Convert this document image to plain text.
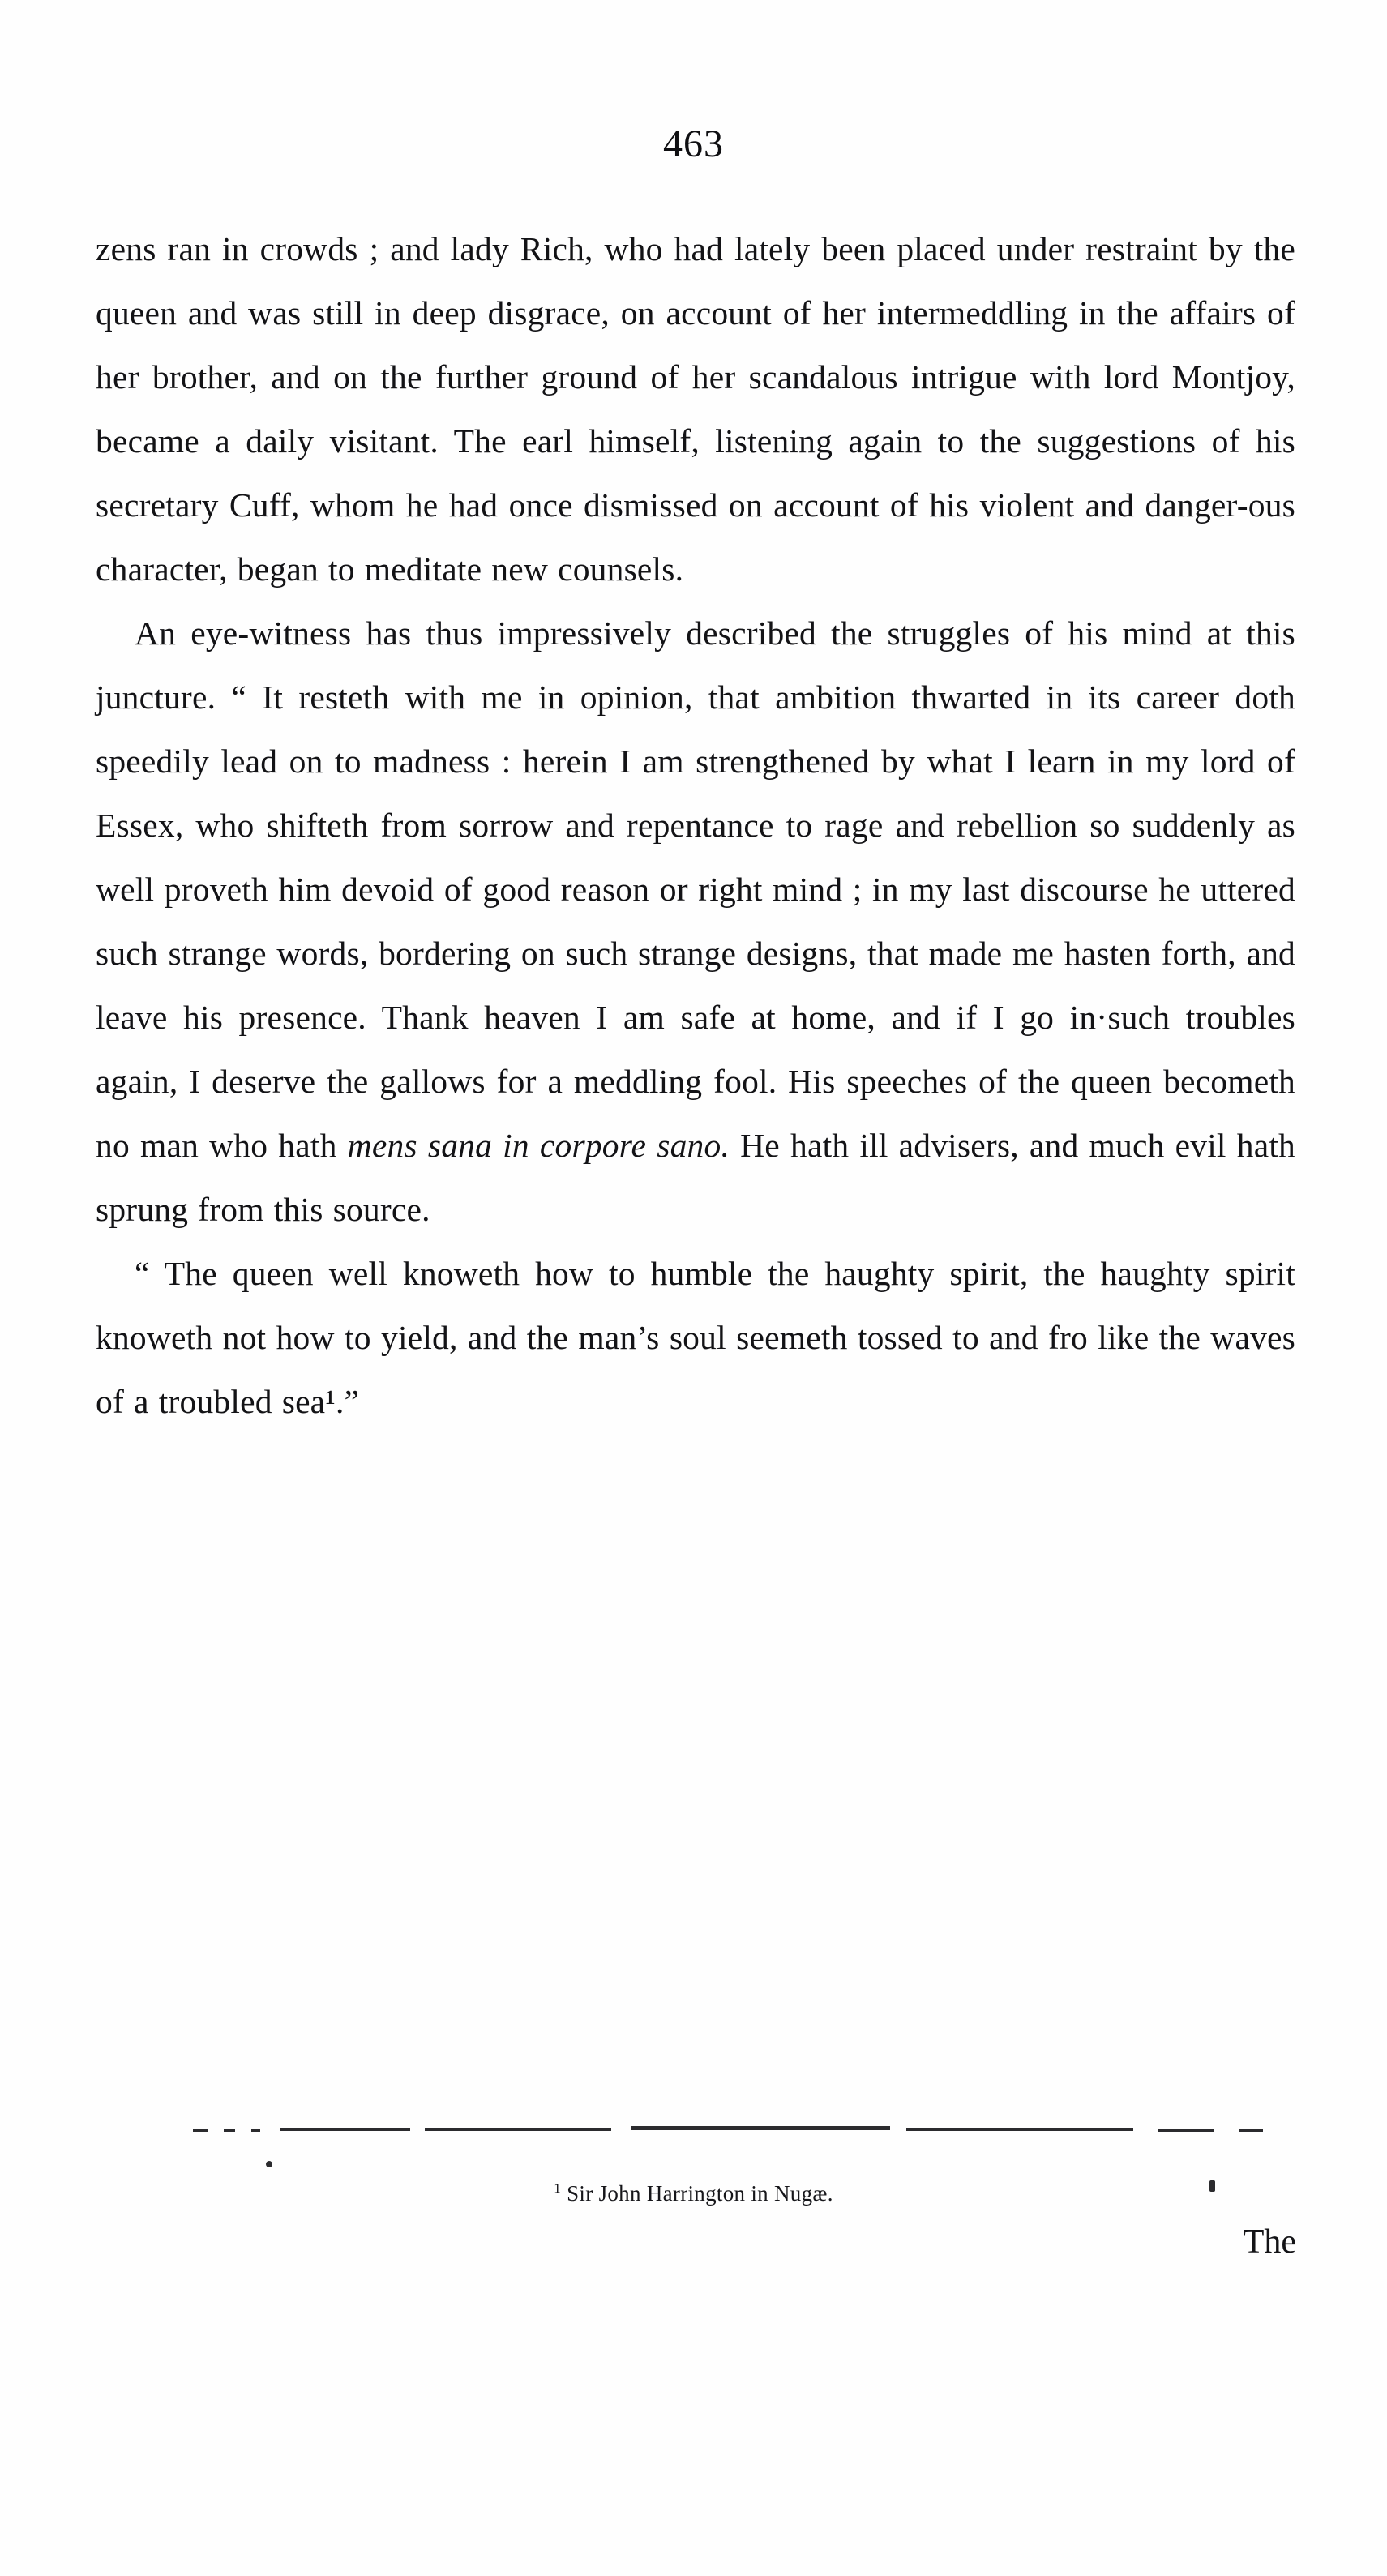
463

zens ran in crowds ; and lady Rich, who had lately been placed under restraint by the queen and was still in deep disgrace, on account of her intermeddling in the affairs of her brother, and on the further ground of her scandalous intrigue with lord Montjoy, became a daily visitant. The earl himself, listening again to the suggestions of his secretary Cuff, whom he had once dismissed on account of his violent and danger-ous character, began to meditate new counsels.

An eye-witness has thus impressively described the struggles of his mind at this juncture. “ It resteth with me in opinion, that ambition thwarted in its career doth speedily lead on to madness : herein I am strengthened by what I learn in my lord of Essex, who shifteth from sorrow and repentance to rage and rebellion so suddenly as well proveth him devoid of good reason or right mind ; in my last discourse he uttered such strange words, bordering on such strange designs, that made me hasten forth, and leave his presence. Thank heaven I am safe at home, and if I go in·such troubles again, I deserve the gallows for a meddling fool. His speeches of the queen becometh no man who hath mens sana in corpore sano. He hath ill advisers, and much evil hath sprung from this source.

“ The queen well knoweth how to humble the haughty spirit, the haughty spirit knoweth not how to yield, and the man’s soul seemeth tossed to and fro like the waves of a troubled sea¹.”

$^1$ Sir John Harrington in Nugæ.
The
